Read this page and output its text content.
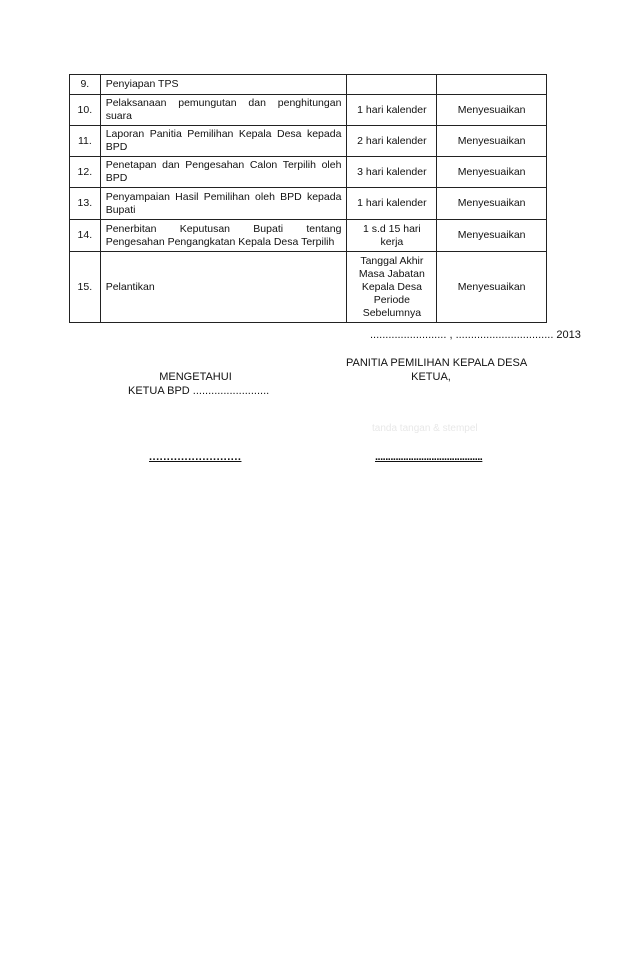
9.	Penyiapan TPS		
10.	Pelaksanaan pemungutan dan penghitungan suara	1 hari kalender	Menyesuaikan
11.	Laporan Panitia Pemilihan Kepala Desa kepada BPD	2 hari kalender	Menyesuaikan
12.	Penetapan dan Pengesahan Calon Terpilih oleh BPD	3 hari kalender	Menyesuaikan
13.	Penyampaian Hasil Pemilihan oleh BPD kepada Bupati	1 hari kalender	Menyesuaikan
14.	Penerbitan Keputusan Bupati tentang Pengesahan Pengangkatan Kepala Desa Terpilih	1 s.d 15 hari kerja	Menyesuaikan
15.	Pelantikan	Tanggal Akhir Masa Jabatan Kepala Desa Periode Sebelumnya	Menyesuaikan
......................... , ................................ 2013
MENGETAHUI
KETUA BPD .........................
PANITIA PEMILIHAN KEPALA DESA
KETUA,
tanda tangan & stempel
..........................	..........................................
